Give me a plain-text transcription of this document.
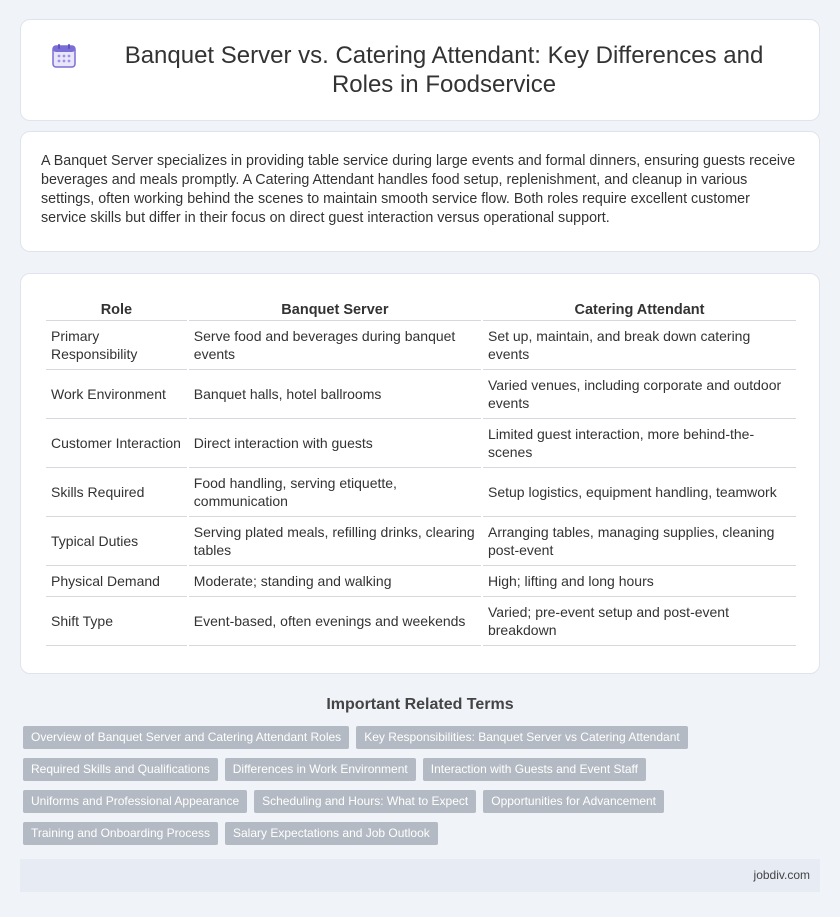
Banquet Server vs. Catering Attendant: Key Differences and Roles in Foodservice

A Banquet Server specializes in providing table service during large events and formal dinners, ensuring guests receive beverages and meals promptly. A Catering Attendant handles food setup, replenishment, and cleanup in various settings, often working behind the scenes to maintain smooth service flow. Both roles require excellent customer service skills but differ in their focus on direct guest interaction versus operational support.

Role	Banquet Server	Catering Attendant
Primary Responsibility	Serve food and beverages during banquet events	Set up, maintain, and break down catering events
Work Environment	Banquet halls, hotel ballrooms	Varied venues, including corporate and outdoor events
Customer Interaction	Direct interaction with guests	Limited guest interaction, more behind-the-scenes
Skills Required	Food handling, serving etiquette, communication	Setup logistics, equipment handling, teamwork
Typical Duties	Serving plated meals, refilling drinks, clearing tables	Arranging tables, managing supplies, cleaning post-event
Physical Demand	Moderate; standing and walking	High; lifting and long hours
Shift Type	Event-based, often evenings and weekends	Varied; pre-event setup and post-event breakdown
Important Related Terms
Overview of Banquet Server and Catering Attendant Roles	Key Responsibilities: Banquet Server vs Catering Attendant
Required Skills and Qualifications	Differences in Work Environment	Interaction with Guests and Event Staff
Uniforms and Professional Appearance	Scheduling and Hours: What to Expect	Opportunities for Advancement
Training and Onboarding Process	Salary Expectations and Job Outlook
jobdiv.com
